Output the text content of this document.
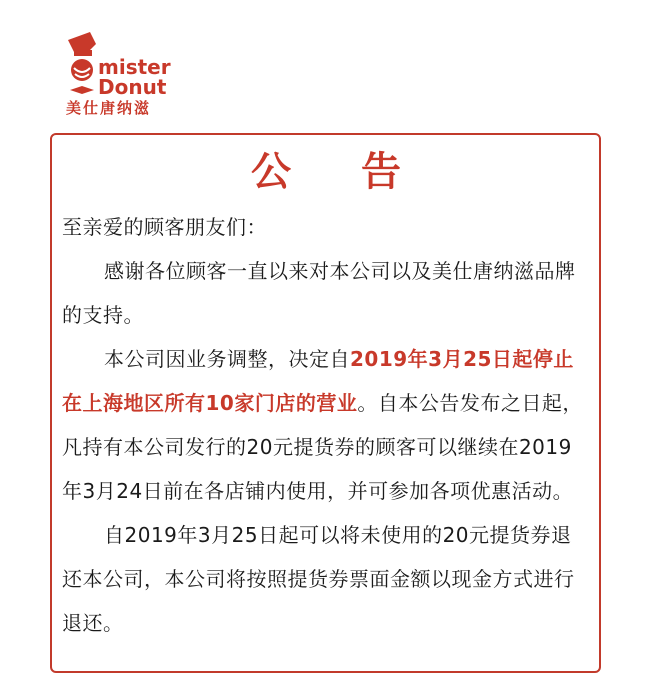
mister
Donut
美仕唐纳滋
公告

至亲爱的顾客朋友们：

感谢各位顾客一直以来对本公司以及美仕唐纳滋品牌的支持。

本公司因业务调整，决定自2019年3月25日起停止在上海地区所有10家门店的营业。自本公告发布之日起，凡持有本公司发行的20元提货券的顾客可以继续在2019年3月24日前在各店铺内使用，并可参加各项优惠活动。

自2019年3月25日起可以将未使用的20元提货券退还本公司，本公司将按照提货券票面金额以现金方式进行退还。
